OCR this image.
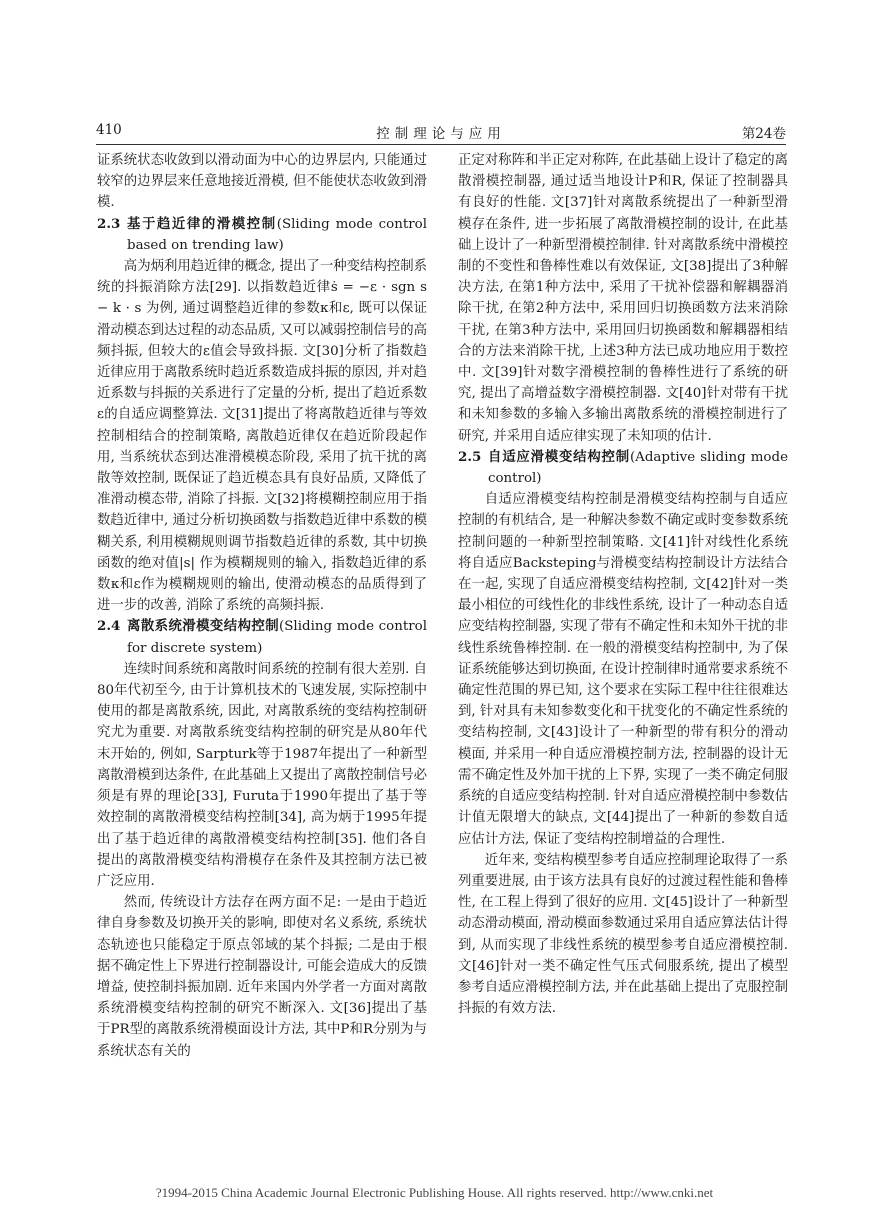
410	控制理论与应用	第24卷

证系统状态收敛到以滑动面为中心的边界层内, 只能通过较窄的边界层来任意地接近滑模, 但不能使状态收敛到滑模.

2.3 基于趋近律的滑模控制(Sliding mode control based on trending law)

高为炳利用趋近律的概念, 提出了一种变结构控制系统的抖振消除方法[29]. 以指数趋近律ṡ = −ε · sgn s − k · s 为例, 通过调整趋近律的参数κ和ε, 既可以保证滑动模态到达过程的动态品质, 又可以减弱控制信号的高频抖振, 但较大的ε值会导致抖振. 文[30]分析了指数趋近律应用于离散系统时趋近系数造成抖振的原因, 并对趋近系数与抖振的关系进行了定量的分析, 提出了趋近系数ε的自适应调整算法. 文[31]提出了将离散趋近律与等效控制相结合的控制策略, 离散趋近律仅在趋近阶段起作用, 当系统状态到达准滑模模态阶段, 采用了抗干扰的离散等效控制, 既保证了趋近模态具有良好品质, 又降低了准滑动模态带, 消除了抖振. 文[32]将模糊控制应用于指数趋近律中, 通过分析切换函数与指数趋近律中系数的模糊关系, 利用模糊规则调节指数趋近律的系数, 其中切换函数的绝对值|s| 作为模糊规则的输入, 指数趋近律的系数κ和ε作为模糊规则的输出, 使滑动模态的品质得到了进一步的改善, 消除了系统的高频抖振.

2.4 离散系统滑模变结构控制(Sliding mode control for discrete system)

连续时间系统和离散时间系统的控制有很大差别. 自80年代初至今, 由于计算机技术的飞速发展, 实际控制中使用的都是离散系统, 因此, 对离散系统的变结构控制研究尤为重要. 对离散系统变结构控制的研究是从80年代末开始的, 例如, Sarpturk等于1987年提出了一种新型离散滑模到达条件, 在此基础上又提出了离散控制信号必须是有界的理论[33], Furuta于1990年提出了基于等效控制的离散滑模变结构控制[34], 高为炳于1995年提出了基于趋近律的离散滑模变结构控制[35]. 他们各自提出的离散滑模变结构滑模存在条件及其控制方法已被广泛应用.

然而, 传统设计方法存在两方面不足: 一是由于趋近律自身参数及切换开关的影响, 即使对名义系统, 系统状态轨迹也只能稳定于原点邻域的某个抖振; 二是由于根据不确定性上下界进行控制器设计, 可能会造成大的反馈增益, 使控制抖振加剧. 近年来国内外学者一方面对离散系统滑模变结构控制的研究不断深入. 文[36]提出了基于PR型的离散系统滑模面设计方法, 其中P和R分别为与系统状态有关的

正定对称阵和半正定对称阵, 在此基础上设计了稳定的离散滑模控制器, 通过适当地设计P和R, 保证了控制器具有良好的性能. 文[37]针对离散系统提出了一种新型滑模存在条件, 进一步拓展了离散滑模控制的设计, 在此基础上设计了一种新型滑模控制律. 针对离散系统中滑模控制的不变性和鲁棒性难以有效保证, 文[38]提出了3种解决方法, 在第1种方法中, 采用了干扰补偿器和解耦器消除干扰, 在第2种方法中, 采用回归切换函数方法来消除干扰, 在第3种方法中, 采用回归切换函数和解耦器相结合的方法来消除干扰, 上述3种方法已成功地应用于数控中. 文[39]针对数字滑模控制的鲁棒性进行了系统的研究, 提出了高增益数字滑模控制器. 文[40]针对带有干扰和未知参数的多输入多输出离散系统的滑模控制进行了研究, 并采用自适应律实现了未知项的估计.

2.5 自适应滑模变结构控制(Adaptive sliding mode control)

自适应滑模变结构控制是滑模变结构控制与自适应控制的有机结合, 是一种解决参数不确定或时变参数系统控制问题的一种新型控制策略. 文[41]针对线性化系统将自适应Backsteping与滑模变结构控制设计方法结合在一起, 实现了自适应滑模变结构控制, 文[42]针对一类最小相位的可线性化的非线性系统, 设计了一种动态自适应变结构控制器, 实现了带有不确定性和未知外干扰的非线性系统鲁棒控制. 在一般的滑模变结构控制中, 为了保证系统能够达到切换面, 在设计控制律时通常要求系统不确定性范围的界已知, 这个要求在实际工程中往往很难达到, 针对具有未知参数变化和干扰变化的不确定性系统的变结构控制, 文[43]设计了一种新型的带有积分的滑动模面, 并采用一种自适应滑模控制方法, 控制器的设计无需不确定性及外加干扰的上下界, 实现了一类不确定伺服系统的自适应变结构控制. 针对自适应滑模控制中参数估计值无限增大的缺点, 文[44]提出了一种新的参数自适应估计方法, 保证了变结构控制增益的合理性.

近年来, 变结构模型参考自适应控制理论取得了一系列重要进展, 由于该方法具有良好的过渡过程性能和鲁棒性, 在工程上得到了很好的应用. 文[45]设计了一种新型动态滑动模面, 滑动模面参数通过采用自适应算法估计得到, 从而实现了非线性系统的模型参考自适应滑模控制. 文[46]针对一类不确定性气压式伺服系统, 提出了模型参考自适应滑模控制方法, 并在此基础上提出了克服控制抖振的有效方法.

?1994-2015 China Academic Journal Electronic Publishing House. All rights reserved. http://www.cnki.net
